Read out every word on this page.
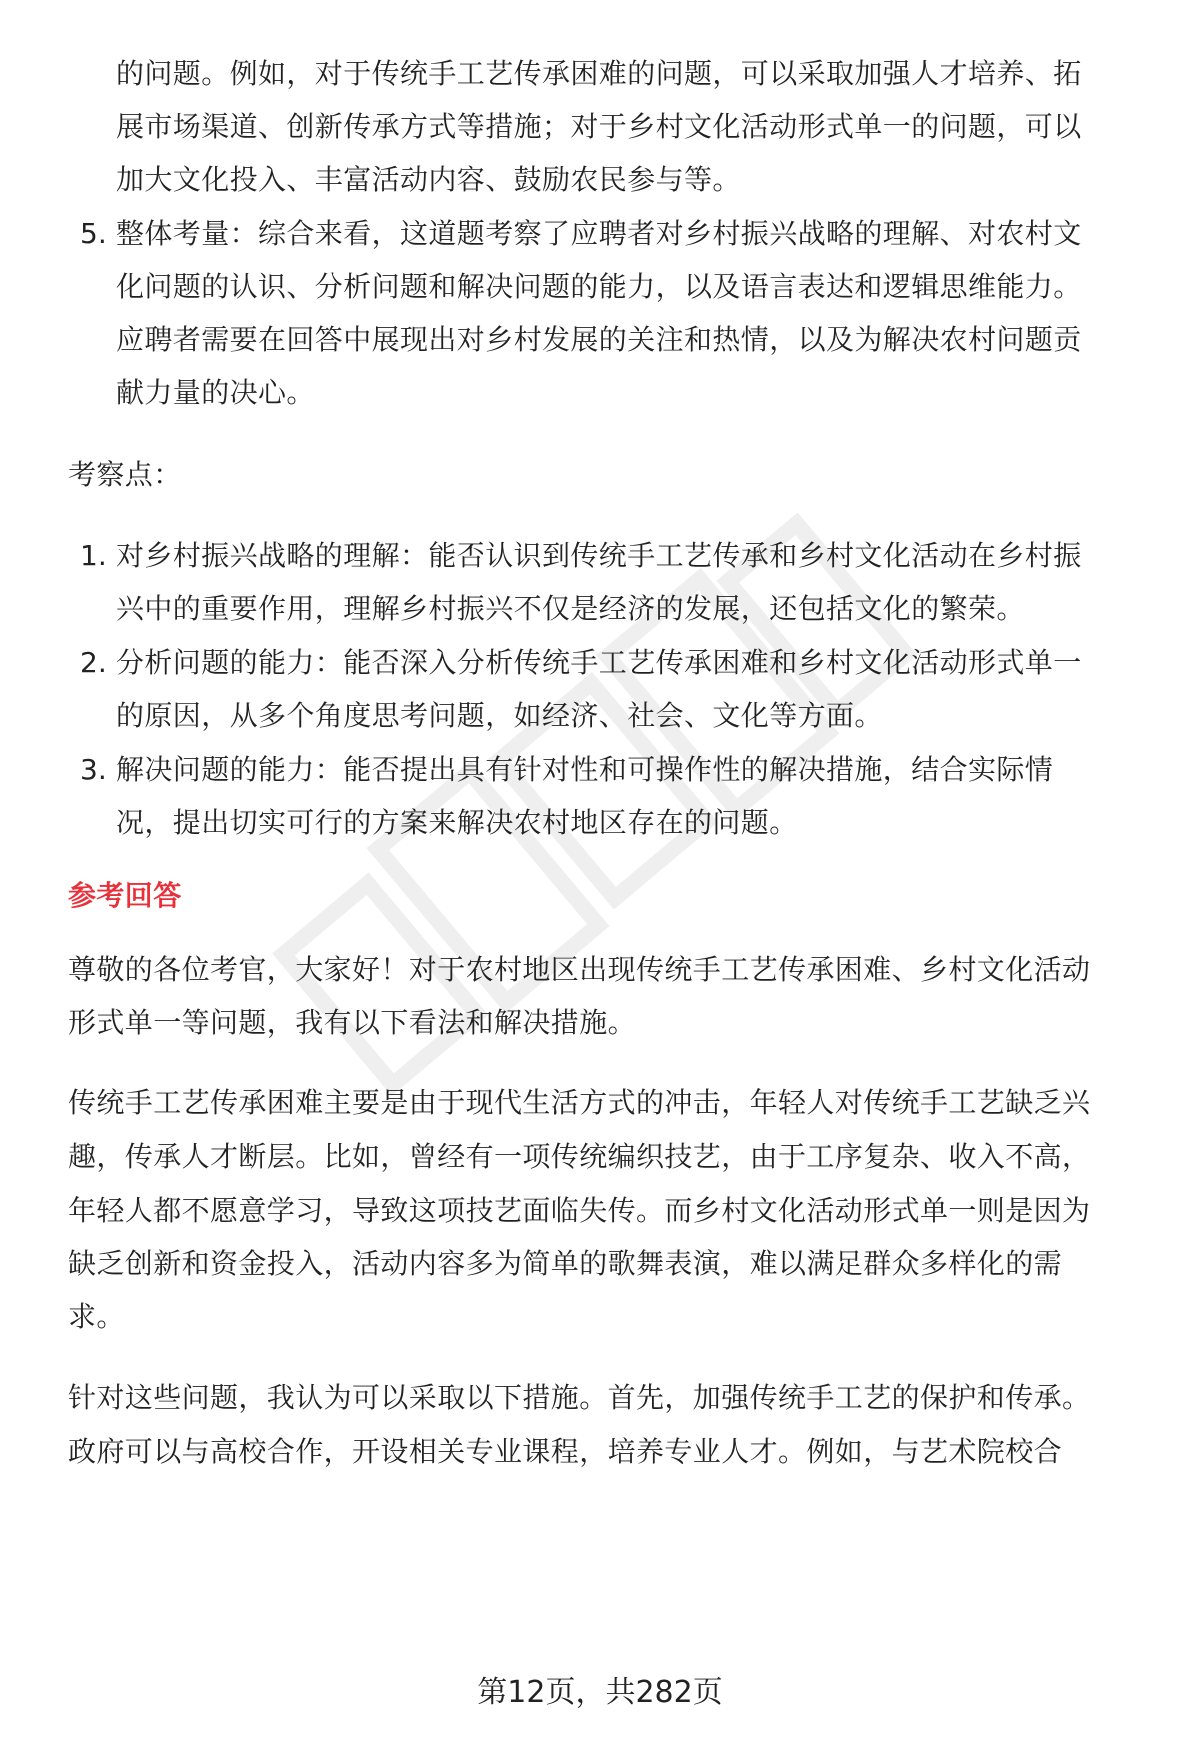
的问题。例如，对于传统手工艺传承困难的问题，可以采取加强人才培养、拓
展市场渠道、创新传承方式等措施；对于乡村文化活动形式单一的问题，可以
加大文化投入、丰富活动内容、鼓励农民参与等。
5. 整体考量：综合来看，这道题考察了应聘者对乡村振兴战略的理解、对农村文
化问题的认识、分析问题和解决问题的能力，以及语言表达和逻辑思维能力。
应聘者需要在回答中展现出对乡村发展的关注和热情，以及为解决农村问题贡
献力量的决心。
考察点：
1. 对乡村振兴战略的理解：能否认识到传统手工艺传承和乡村文化活动在乡村振
兴中的重要作用，理解乡村振兴不仅是经济的发展，还包括文化的繁荣。
2. 分析问题的能力：能否深入分析传统手工艺传承困难和乡村文化活动形式单一
的原因，从多个角度思考问题，如经济、社会、文化等方面。
3. 解决问题的能力：能否提出具有针对性和可操作性的解决措施，结合实际情
况，提出切实可行的方案来解决农村地区存在的问题。
参考回答
尊敬的各位考官，大家好！对于农村地区出现传统手工艺传承困难、乡村文化活动
形式单一等问题，我有以下看法和解决措施。
传统手工艺传承困难主要是由于现代生活方式的冲击，年轻人对传统手工艺缺乏兴
趣，传承人才断层。比如，曾经有一项传统编织技艺，由于工序复杂、收入不高，
年轻人都不愿意学习，导致这项技艺面临失传。而乡村文化活动形式单一则是因为
缺乏创新和资金投入，活动内容多为简单的歌舞表演，难以满足群众多样化的需
求。
针对这些问题，我认为可以采取以下措施。首先，加强传统手工艺的保护和传承。
政府可以与高校合作，开设相关专业课程，培养专业人才。例如，与艺术院校合
第12页，共282页
